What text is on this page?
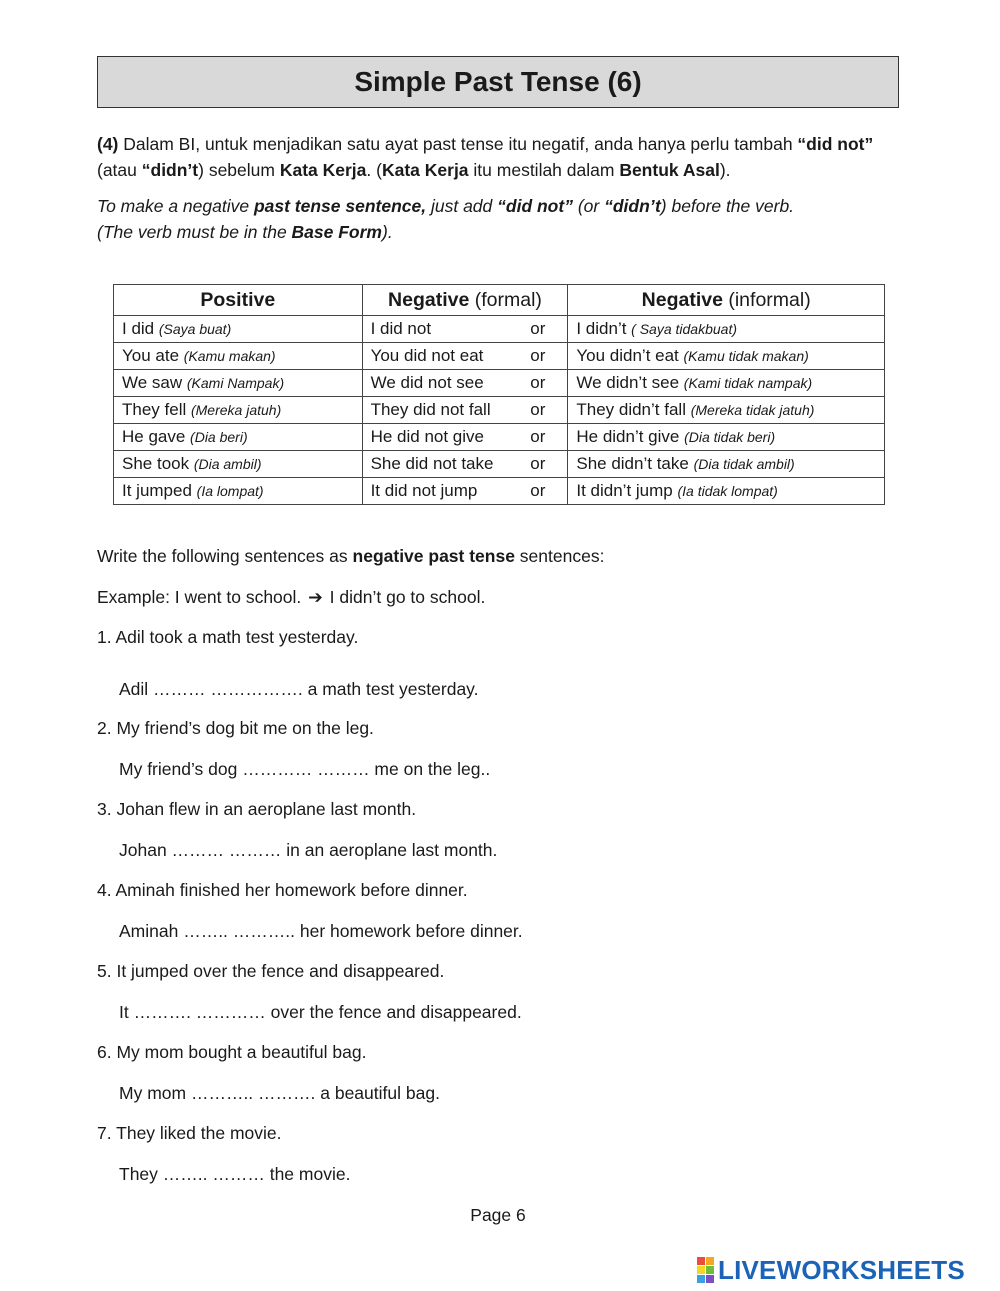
Simple Past Tense (6)

(4) Dalam BI, untuk menjadikan satu ayat past tense itu negatif, anda hanya perlu tambah “did not” (atau “didn’t) sebelum Kata Kerja. (Kata Kerja itu mestilah dalam Bentuk Asal).

To make a negative past tense sentence, just add “did not” (or “didn’t) before the verb.
(The verb must be in the Base Form).

Positive	Negative (formal)	Negative (informal)
I did (Saya buat)	I did not or	I didn’t ( Saya tidakbuat)
You ate (Kamu makan)	You did not eat or	You didn’t eat (Kamu tidak makan)
We saw (Kami Nampak)	We did not see or	We didn’t see (Kami tidak nampak)
They fell (Mereka jatuh)	They did not fall or	They didn’t fall (Mereka tidak jatuh)
He gave (Dia beri)	He did not give or	He didn’t give (Dia tidak beri)
She took (Dia ambil)	She did not take or	She didn’t take (Dia tidak ambil)
It jumped (Ia lompat)	It did not jump or	It didn’t jump (Ia tidak lompat)

Write the following sentences as negative past tense sentences:

Example: I went to school. ➔ I didn’t go to school.

1. Adil took a math test yesterday.

Adil ……… ……………. a math test yesterday.

2. My friend’s dog bit me on the leg.

My friend’s dog ………… ……… me on the leg..

3. Johan flew in an aeroplane last month.

Johan ……… ……… in an aeroplane last month.

4. Aminah finished her homework before dinner.

Aminah …….. ……….. her homework before dinner.

5. It jumped over the fence and disappeared.

It ………. ………… over the fence and disappeared.

6. My mom bought a beautiful bag.

My mom ……….. ………. a beautiful bag.

7. They liked the movie.

They …….. ……… the movie.

Page 6
LIVEWORKSHEETS
